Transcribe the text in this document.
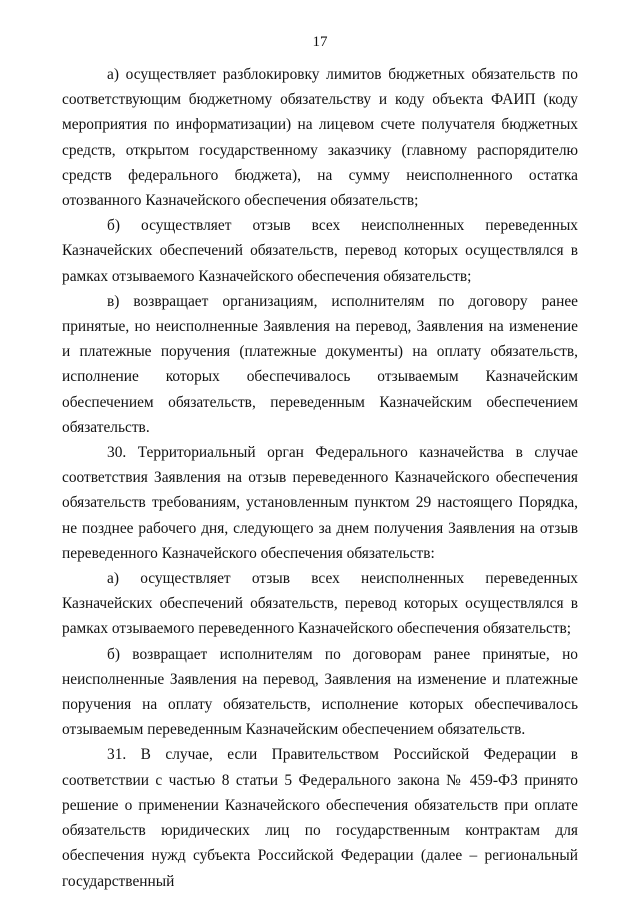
17

а) осуществляет разблокировку лимитов бюджетных обязательств по соответствующим бюджетному обязательству и коду объекта ФАИП (коду мероприятия по информатизации) на лицевом счете получателя бюджетных средств, открытом государственному заказчику (главному распорядителю средств федерального бюджета), на сумму неисполненного остатка отозванного Казначейского обеспечения обязательств;

б) осуществляет отзыв всех неисполненных переведенных Казначейских обеспечений обязательств, перевод которых осуществлялся в рамках отзываемого Казначейского обеспечения обязательств;

в) возвращает организациям, исполнителям по договору ранее принятые, но неисполненные Заявления на перевод, Заявления на изменение и платежные поручения (платежные документы) на оплату обязательств, исполнение которых обеспечивалось отзываемым Казначейским обеспечением обязательств, переведенным Казначейским обеспечением обязательств.

30. Территориальный орган Федерального казначейства в случае соответствия Заявления на отзыв переведенного Казначейского обеспечения обязательств требованиям, установленным пунктом 29 настоящего Порядка, не позднее рабочего дня, следующего за днем получения Заявления на отзыв переведенного Казначейского обеспечения обязательств:

а) осуществляет отзыв всех неисполненных переведенных Казначейских обеспечений обязательств, перевод которых осуществлялся в рамках отзываемого переведенного Казначейского обеспечения обязательств;

б) возвращает исполнителям по договорам ранее принятые, но неисполненные Заявления на перевод, Заявления на изменение и платежные поручения на оплату обязательств, исполнение которых обеспечивалось отзываемым переведенным Казначейским обеспечением обязательств.

31. В случае, если Правительством Российской Федерации в соответствии с частью 8 статьи 5 Федерального закона № 459-ФЗ принято решение о применении Казначейского обеспечения обязательств при оплате обязательств юридических лиц по государственным контрактам для обеспечения нужд субъекта Российской Федерации (далее – региональный государственный
